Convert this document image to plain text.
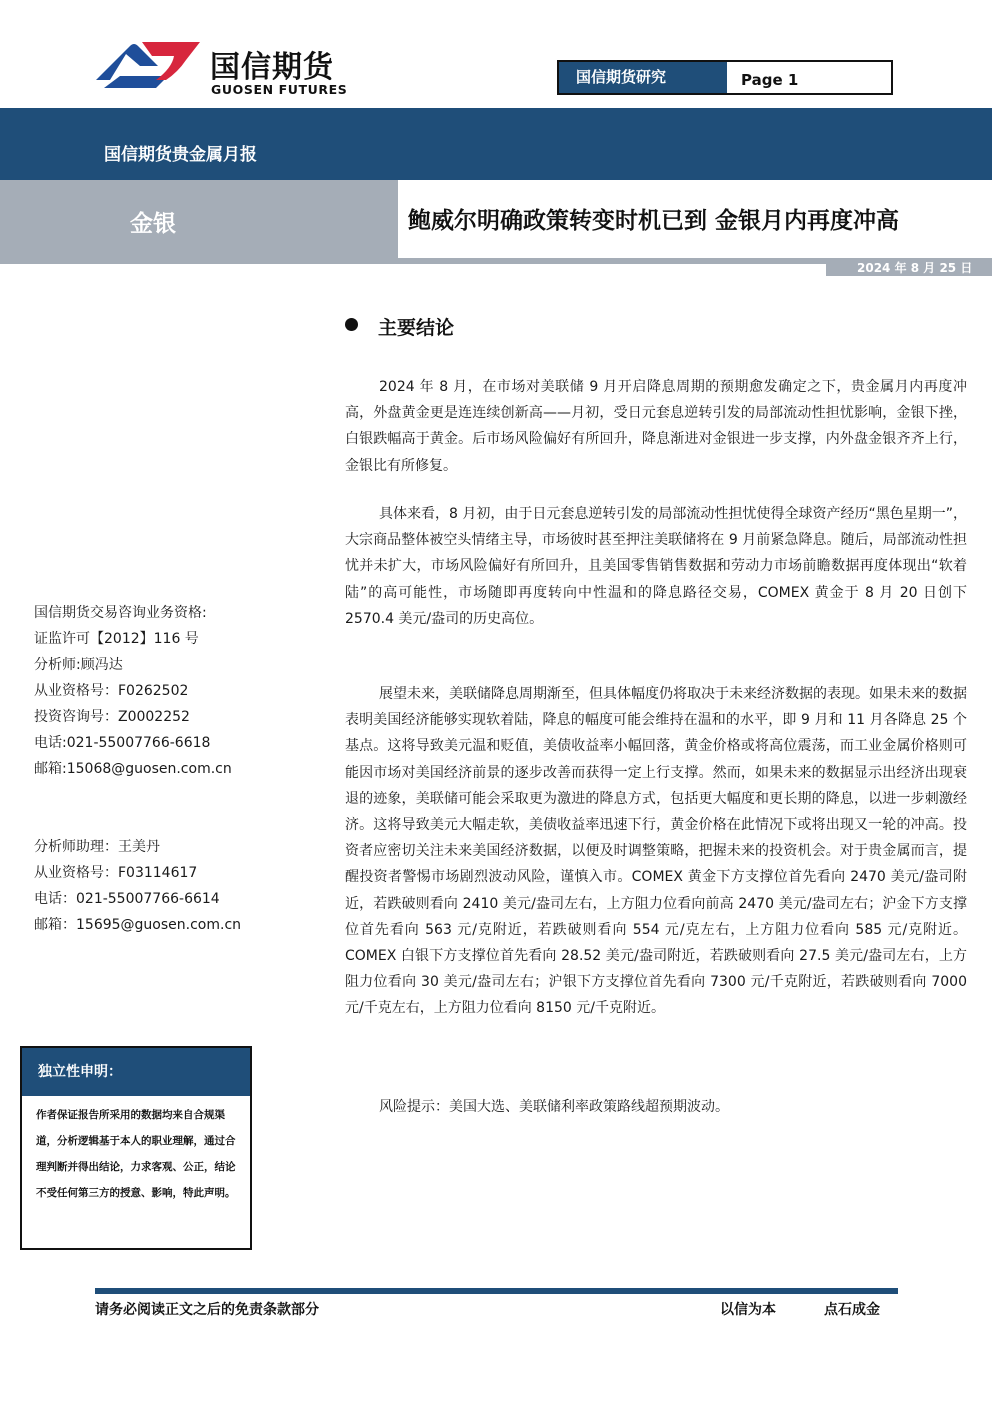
国信期货
GUOSEN FUTURES
国信期货研究	Page 1
国信期货贵金属月报
金银	鲍威尔明确政策转变时机已到 金银月内再度冲高
2024 年 8 月 25 日
主要结论

2024 年 8 月，在市场对美联储 9 月开启降息周期的预期愈发确定之下，贵金属月内再度冲高，外盘黄金更是连连续创新高——月初，受日元套息逆转引发的局部流动性担忧影响，金银下挫，白银跌幅高于黄金。后市场风险偏好有所回升，降息渐进对金银进一步支撑，内外盘金银齐齐上行，金银比有所修复。

具体来看，8 月初，由于日元套息逆转引发的局部流动性担忧使得全球资产经历“黑色星期一”，大宗商品整体被空头情绪主导，市场彼时甚至押注美联储将在 9 月前紧急降息。随后，局部流动性担忧并未扩大，市场风险偏好有所回升，且美国零售销售数据和劳动力市场前瞻数据再度体现出“软着陆”的高可能性，市场随即再度转向中性温和的降息路径交易，COMEX 黄金于 8 月 20 日创下 2570.4 美元/盎司的历史高位。

展望未来，美联储降息周期渐至，但具体幅度仍将取决于未来经济数据的表现。如果未来的数据表明美国经济能够实现软着陆，降息的幅度可能会维持在温和的水平，即 9 月和 11 月各降息 25 个基点。这将导致美元温和贬值，美债收益率小幅回落，黄金价格或将高位震荡，而工业金属价格则可能因市场对美国经济前景的逐步改善而获得一定上行支撑。然而，如果未来的数据显示出经济出现衰退的迹象，美联储可能会采取更为激进的降息方式，包括更大幅度和更长期的降息，以进一步刺激经济。这将导致美元大幅走软，美债收益率迅速下行，黄金价格在此情况下或将出现又一轮的冲高。投资者应密切关注未来美国经济数据，以便及时调整策略，把握未来的投资机会。对于贵金属而言，提醒投资者警惕市场剧烈波动风险，谨慎入市。COMEX 黄金下方支撑位首先看向 2470 美元/盎司附近，若跌破则看向 2410 美元/盎司左右，上方阻力位看向前高 2470 美元/盎司左右；沪金下方支撑位首先看向 563 元/克附近，若跌破则看向 554 元/克左右，上方阻力位看向 585 元/克附近。COMEX 白银下方支撑位首先看向 28.52 美元/盎司附近，若跌破则看向 27.5 美元/盎司左右，上方阻力位看向 30 美元/盎司左右；沪银下方支撑位首先看向 7300 元/千克附近，若跌破则看向 7000 元/千克左右，上方阻力位看向 8150 元/千克附近。

风险提示：美国大选、美联储利率政策路线超预期波动。

国信期货交易咨询业务资格:
证监许可【2012】116 号
分析师:顾冯达
从业资格号：F0262502
投资咨询号：Z0002252
电话:021-55007766-6618
邮箱:15068@guosen.com.cn
分析师助理：王美丹
从业资格号：F03114617
电话：021-55007766-6614
邮箱：15695@guosen.com.cn
独立性申明：

作者保证报告所采用的数据均来自合规渠道，分析逻辑基于本人的职业理解，通过合理判断并得出结论，力求客观、公正，结论不受任何第三方的授意、影响，特此声明。

请务必阅读正文之后的免责条款部分	以信为本	点石成金
